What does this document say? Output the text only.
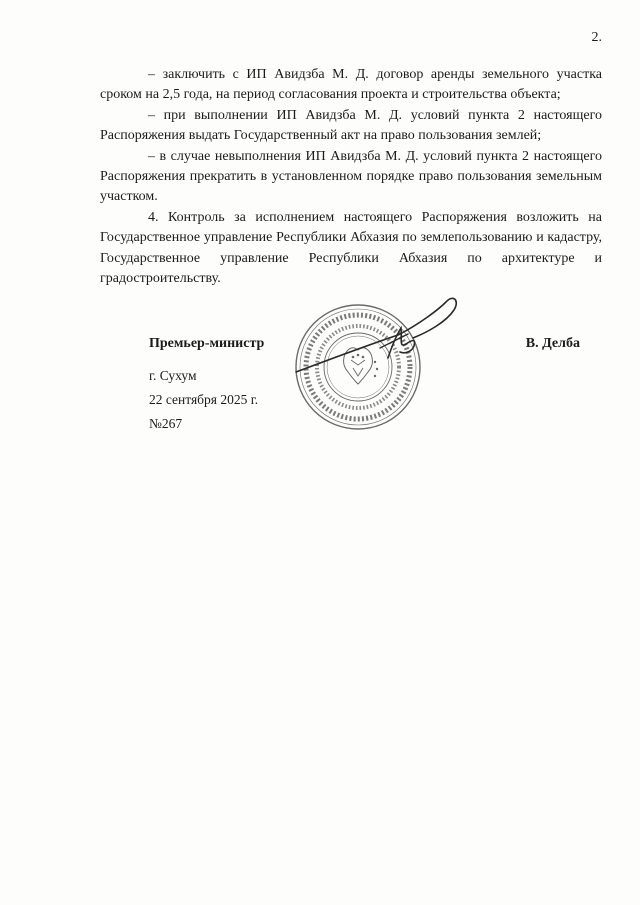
2.

– заключить с ИП Авидзба М. Д. договор аренды земельного участка сроком на 2,5 года, на период согласования проекта и строительства объекта;

– при выполнении ИП Авидзба М. Д. условий пункта 2 настоящего Распоряжения выдать Государственный акт на право пользования землей;

– в случае невыполнения ИП Авидзба М. Д. условий пункта 2 настоящего Распоряжения прекратить в установленном порядке право пользования земельным участком.

4. Контроль за исполнением настоящего Распоряжения возложить на Государственное управление Республики Абхазия по землепользованию и кадастру, Государственное управление Республики Абхазия по архитектуре и градостроительству.

Премьер-министр	В. Делба
г. Сухум
22 сентября 2025 г.
№267
